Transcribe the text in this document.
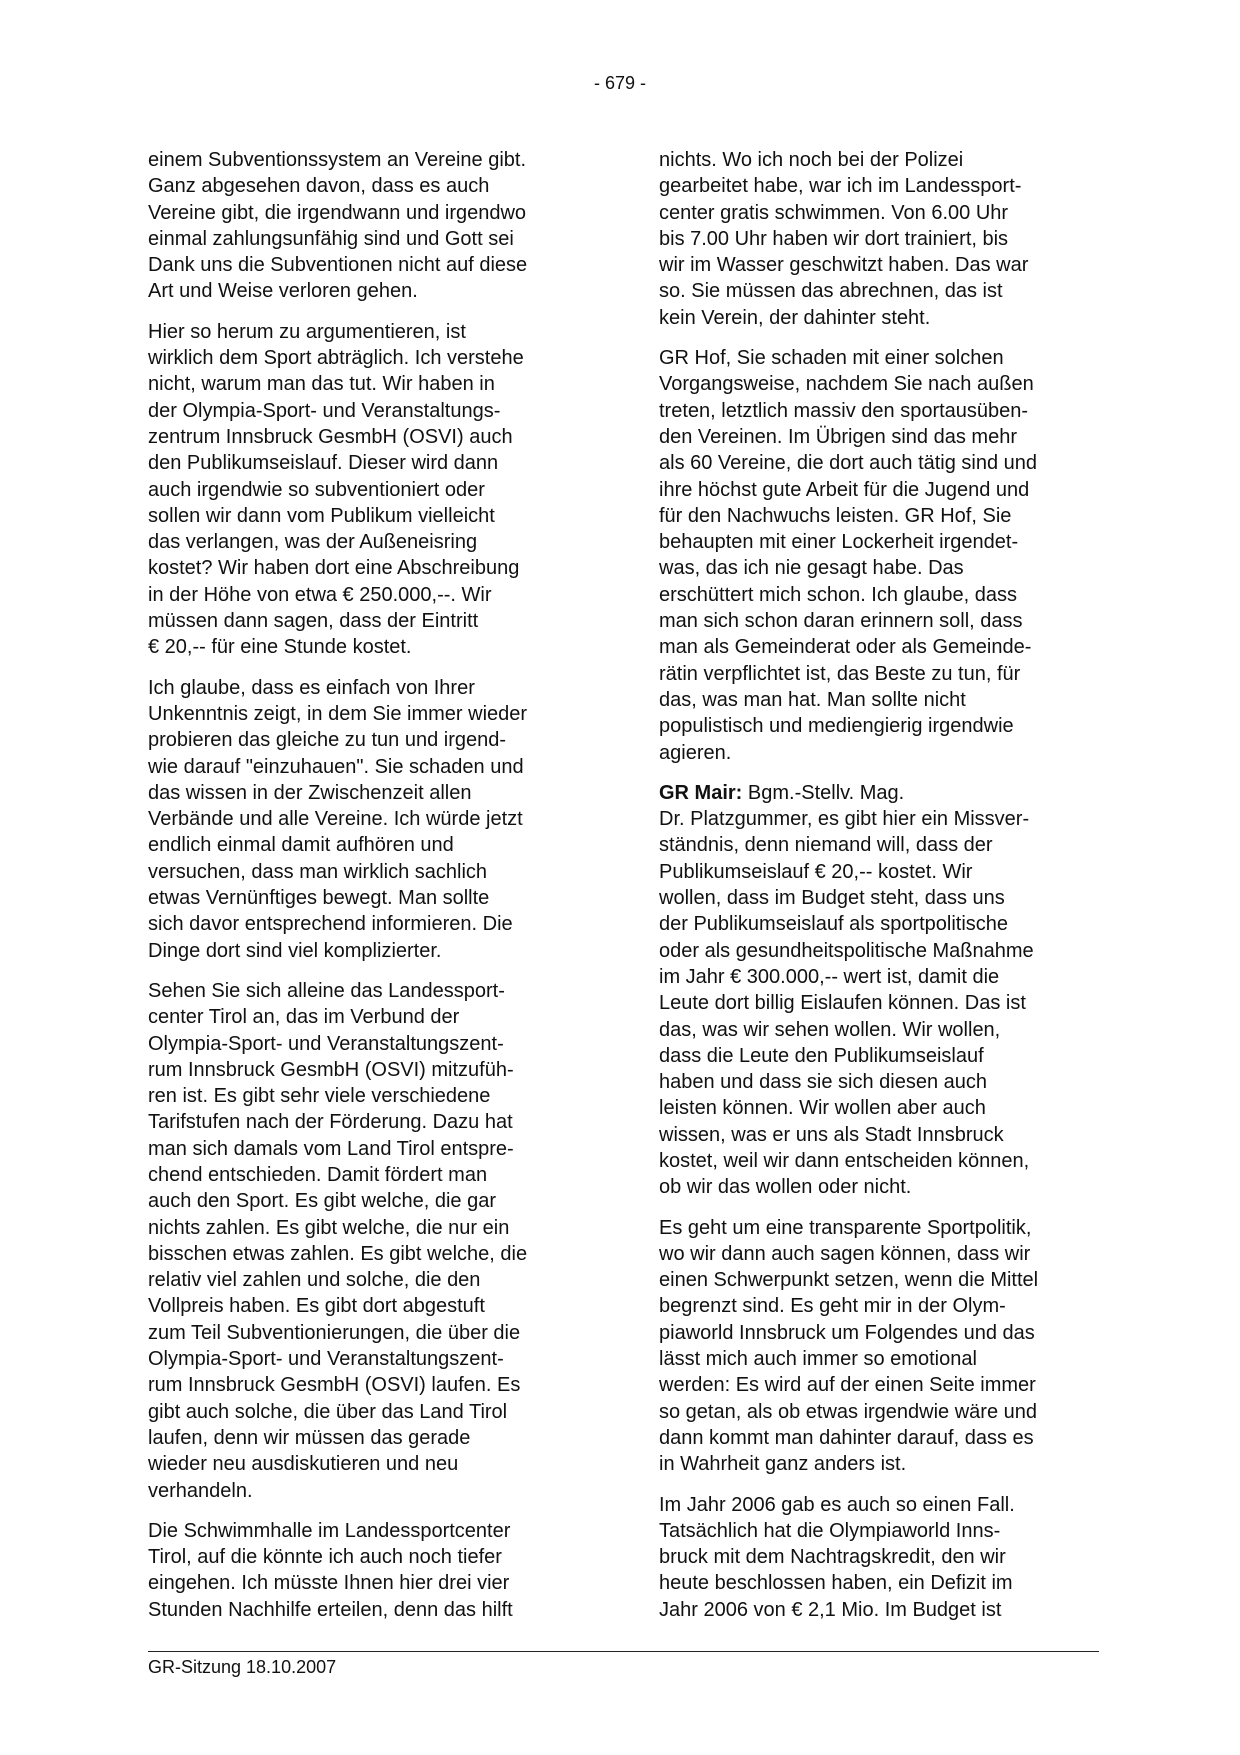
- 679 -
einem Subventionssystem an Vereine gibt.
Ganz abgesehen davon, dass es auch
Vereine gibt, die irgendwann und irgendwo
einmal zahlungsunfähig sind und Gott sei
Dank uns die Subventionen nicht auf diese
Art und Weise verloren gehen.
Hier so herum zu argumentieren, ist
wirklich dem Sport abträglich. Ich verstehe
nicht, warum man das tut. Wir haben in
der Olympia-Sport- und Veranstaltungs-
zentrum Innsbruck GesmbH (OSVI) auch
den Publikumseislauf. Dieser wird dann
auch irgendwie so subventioniert oder
sollen wir dann vom Publikum vielleicht
das verlangen, was der Außeneisring
kostet? Wir haben dort eine Abschreibung
in der Höhe von etwa € 250.000,--. Wir
müssen dann sagen, dass der Eintritt
€ 20,-- für eine Stunde kostet.
Ich glaube, dass es einfach von Ihrer
Unkenntnis zeigt, in dem Sie immer wieder
probieren das gleiche zu tun und irgend-
wie darauf "einzuhauen". Sie schaden und
das wissen in der Zwischenzeit allen
Verbände und alle Vereine. Ich würde jetzt
endlich einmal damit aufhören und
versuchen, dass man wirklich sachlich
etwas Vernünftiges bewegt. Man sollte
sich davor entsprechend informieren. Die
Dinge dort sind viel komplizierter.
Sehen Sie sich alleine das Landessport-
center Tirol an, das im Verbund der
Olympia-Sport- und Veranstaltungszent-
rum Innsbruck GesmbH (OSVI) mitzufüh-
ren ist. Es gibt sehr viele verschiedene
Tarifstufen nach der Förderung. Dazu hat
man sich damals vom Land Tirol entspre-
chend entschieden. Damit fördert man
auch den Sport. Es gibt welche, die gar
nichts zahlen. Es gibt welche, die nur ein
bisschen etwas zahlen. Es gibt welche, die
relativ viel zahlen und solche, die den
Vollpreis haben. Es gibt dort abgestuft
zum Teil Subventionierungen, die über die
Olympia-Sport- und Veranstaltungszent-
rum Innsbruck GesmbH (OSVI) laufen. Es
gibt auch solche, die über das Land Tirol
laufen, denn wir müssen das gerade
wieder neu ausdiskutieren und neu
verhandeln.
Die Schwimmhalle im Landessportcenter
Tirol, auf die könnte ich auch noch tiefer
eingehen. Ich müsste Ihnen hier drei vier
Stunden Nachhilfe erteilen, denn das hilft
nichts. Wo ich noch bei der Polizei
gearbeitet habe, war ich im Landessport-
center gratis schwimmen. Von 6.00 Uhr
bis 7.00 Uhr haben wir dort trainiert, bis
wir im Wasser geschwitzt haben. Das war
so. Sie müssen das abrechnen, das ist
kein Verein, der dahinter steht.
GR Hof, Sie schaden mit einer solchen
Vorgangsweise, nachdem Sie nach außen
treten, letztlich massiv den sportausüben-
den Vereinen. Im Übrigen sind das mehr
als 60 Vereine, die dort auch tätig sind und
ihre höchst gute Arbeit für die Jugend und
für den Nachwuchs leisten. GR Hof, Sie
behaupten mit einer Lockerheit irgendet-
was, das ich nie gesagt habe. Das
erschüttert mich schon. Ich glaube, dass
man sich schon daran erinnern soll, dass
man als Gemeinderat oder als Gemeinde-
rätin verpflichtet ist, das Beste zu tun, für
das, was man hat. Man sollte nicht
populistisch und mediengierig irgendwie
agieren.
GR Mair: Bgm.-Stellv. Mag.
Dr. Platzgummer, es gibt hier ein Missver-
ständnis, denn niemand will, dass der
Publikumseislauf € 20,-- kostet. Wir
wollen, dass im Budget steht, dass uns
der Publikumseislauf als sportpolitische
oder als gesundheitspolitische Maßnahme
im Jahr € 300.000,-- wert ist, damit die
Leute dort billig Eislaufen können. Das ist
das, was wir sehen wollen. Wir wollen,
dass die Leute den Publikumseislauf
haben und dass sie sich diesen auch
leisten können. Wir wollen aber auch
wissen, was er uns als Stadt Innsbruck
kostet, weil wir dann entscheiden können,
ob wir das wollen oder nicht.
Es geht um eine transparente Sportpolitik,
wo wir dann auch sagen können, dass wir
einen Schwerpunkt setzen, wenn die Mittel
begrenzt sind. Es geht mir in der Olym-
piaworld Innsbruck um Folgendes und das
lässt mich auch immer so emotional
werden: Es wird auf der einen Seite immer
so getan, als ob etwas irgendwie wäre und
dann kommt man dahinter darauf, dass es
in Wahrheit ganz anders ist.
Im Jahr 2006 gab es auch so einen Fall.
Tatsächlich hat die Olympiaworld Inns-
bruck mit dem Nachtragskredit, den wir
heute beschlossen haben, ein Defizit im
Jahr 2006 von € 2,1 Mio. Im Budget ist
GR-Sitzung 18.10.2007
